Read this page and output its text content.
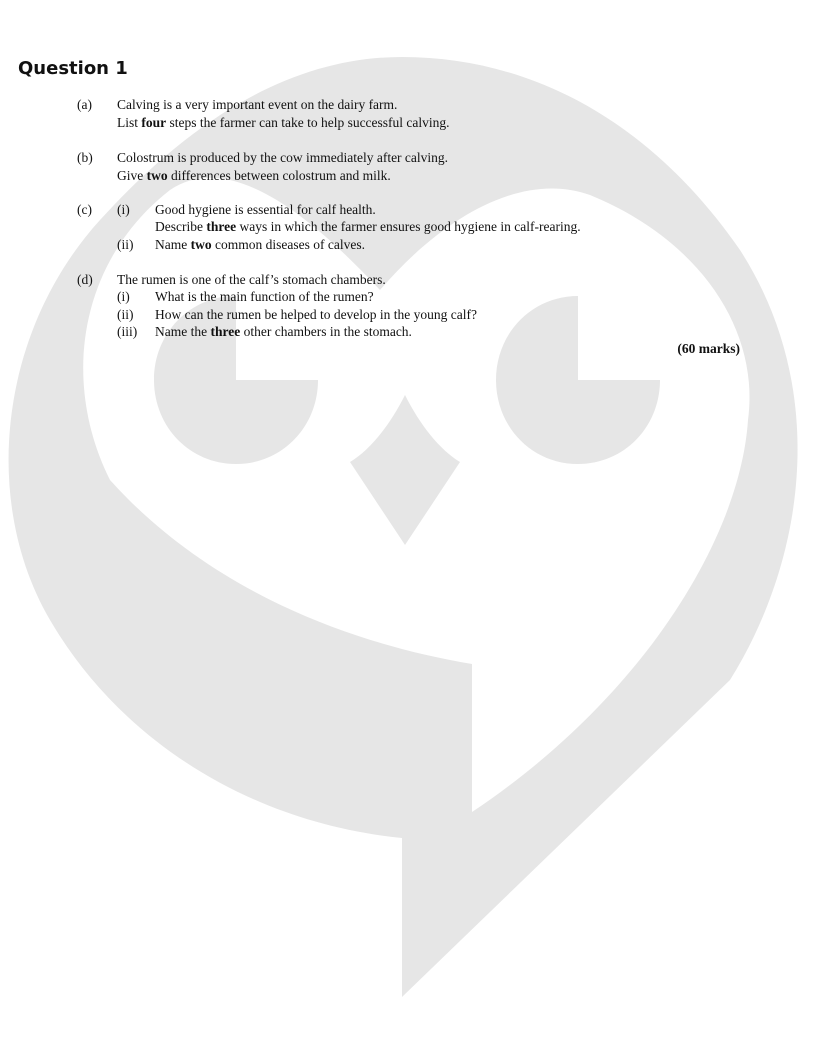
Question 1
(a) Calving is a very important event on the dairy farm.
List four steps the farmer can take to help successful calving.
(b) Colostrum is produced by the cow immediately after calving.
Give two differences between colostrum and milk.
(c) (i) Good hygiene is essential for calf health.
Describe three ways in which the farmer ensures good hygiene in calf-rearing.
(ii) Name two common diseases of calves.
(d) The rumen is one of the calf’s stomach chambers.
(i) What is the main function of the rumen?
(ii) How can the rumen be helped to develop in the young calf?
(iii) Name the three other chambers in the stomach.
(60 marks)
